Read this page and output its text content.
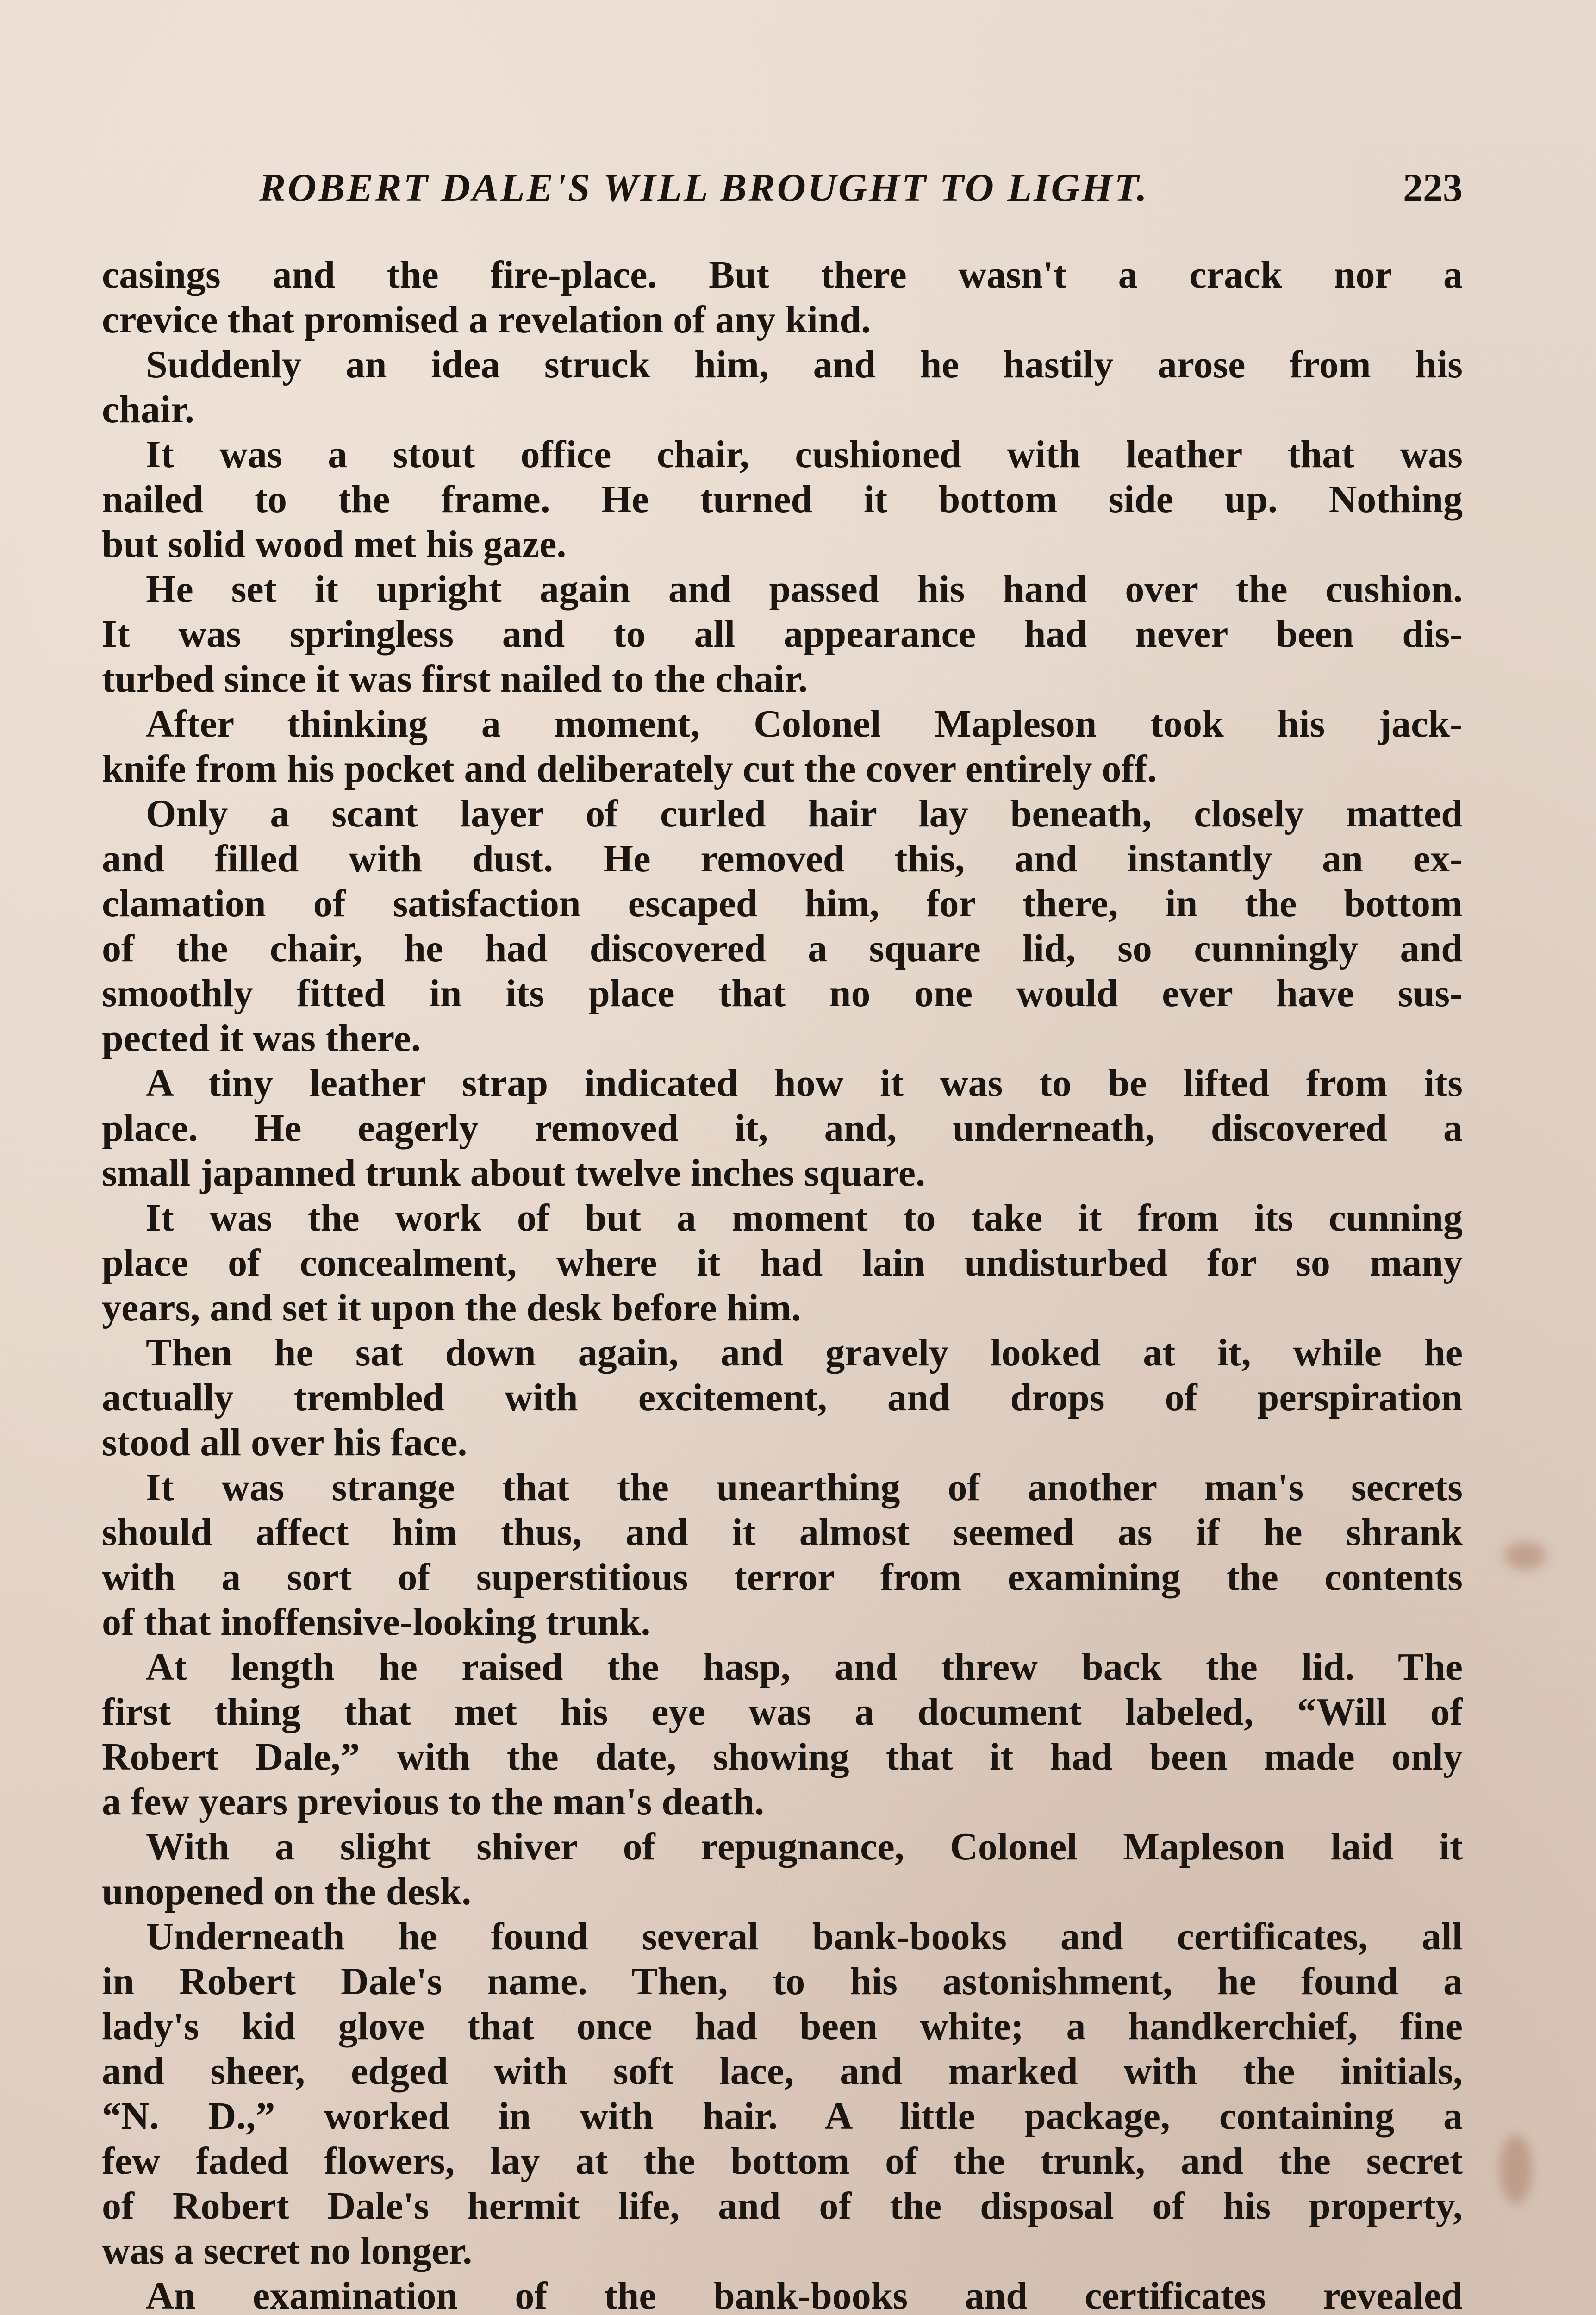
ROBERT DALE'S WILL BROUGHT TO LIGHT.	223
casings and the fire-place. But there wasn't a crack nor a
crevice that promised a revelation of any kind.
Suddenly an idea struck him, and he hastily arose from his
chair.
It was a stout office chair, cushioned with leather that was
nailed to the frame. He turned it bottom side up. Nothing
but solid wood met his gaze.
He set it upright again and passed his hand over the cushion.
It was springless and to all appearance had never been dis-
turbed since it was first nailed to the chair.
After thinking a moment, Colonel Mapleson took his jack-
knife from his pocket and deliberately cut the cover entirely off.
Only a scant layer of curled hair lay beneath, closely matted
and filled with dust. He removed this, and instantly an ex-
clamation of satisfaction escaped him, for there, in the bottom
of the chair, he had discovered a square lid, so cunningly and
smoothly fitted in its place that no one would ever have sus-
pected it was there.
A tiny leather strap indicated how it was to be lifted from its
place. He eagerly removed it, and, underneath, discovered a
small japanned trunk about twelve inches square.
It was the work of but a moment to take it from its cunning
place of concealment, where it had lain undisturbed for so many
years, and set it upon the desk before him.
Then he sat down again, and gravely looked at it, while he
actually trembled with excitement, and drops of perspiration
stood all over his face.
It was strange that the unearthing of another man's secrets
should affect him thus, and it almost seemed as if he shrank
with a sort of superstitious terror from examining the contents
of that inoffensive-looking trunk.
At length he raised the hasp, and threw back the lid. The
first thing that met his eye was a document labeled, “Will of
Robert Dale,” with the date, showing that it had been made only
a few years previous to the man's death.
With a slight shiver of repugnance, Colonel Mapleson laid it
unopened on the desk.
Underneath he found several bank-books and certificates, all
in Robert Dale's name. Then, to his astonishment, he found a
lady's kid glove that once had been white; a handkerchief, fine
and sheer, edged with soft lace, and marked with the initials,
“N. D.,” worked in with hair. A little package, containing a
few faded flowers, lay at the bottom of the trunk, and the secret
of Robert Dale's hermit life, and of the disposal of his property,
was a secret no longer.
An examination of the bank-books and certificates revealed
